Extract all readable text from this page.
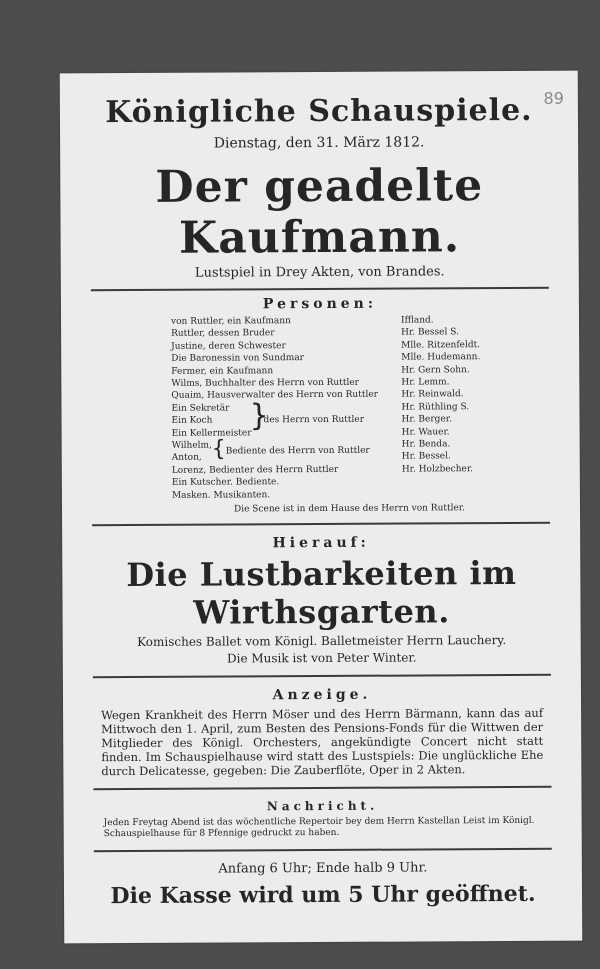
89
Königliche Schauspiele.
Dienstag, den 31. März 1812.
Der geadelte Kaufmann.
Lustspiel in Drey Akten, von Brandes.
Personen:
von Ruttler, ein Kaufmann	Iffland.
Ruttler, dessen Bruder	Hr. Bessel S.
Justine, deren Schwester	Mlle. Ritzenfeldt.
Die Baronessin von Sundmar	Mlle. Hudemann.
Fermer, ein Kaufmann	Hr. Gern Sohn.
Wilms, Buchhalter des Herrn von Ruttler	Hr. Lemm.
Quaim, Hausverwalter des Herrn von Ruttler	Hr. Reinwald.
Ein Sekretär	Hr. Rüthling S.
Ein Koch	Hr. Berger.
Ein Kellermeister	Hr. Wauer.
Wilhelm,	Hr. Benda.
Anton,	Hr. Bessel.
Lorenz, Bedienter des Herrn Ruttler	Hr. Holzbecher.
Ein Kutscher. Bediente.
Masken. Musikanten.
}
des Herrn von Ruttler
{ Bediente des Herrn von Ruttler
Die Scene ist in dem Hause des Herrn von Ruttler.
Hierauf:
Die Lustbarkeiten im Wirthsgarten.
Komisches Ballet vom Königl. Balletmeister Herrn Lauchery.
Die Musik ist von Peter Winter.
Anzeige.
Wegen Krankheit des Herrn Möser und des Herrn Bärmann, kann das auf Mittwoch den 1. April, zum Besten des Pensions-Fonds für die Wittwen der Mitglieder des Königl. Orchesters, angekündigte Concert nicht statt finden. Im Schauspielhause wird statt des Lustspiels: Die unglückliche Ehe durch Delicatesse, gegeben: Die Zauberflöte, Oper in 2 Akten.
Nachricht.
Jeden Freytag Abend ist das wöchentliche Repertoir bey dem Herrn Kastellan Leist im Königl. Schauspielhause für 8 Pfennige gedruckt zu haben.
Anfang 6 Uhr; Ende halb 9 Uhr.
Die Kasse wird um 5 Uhr geöffnet.
